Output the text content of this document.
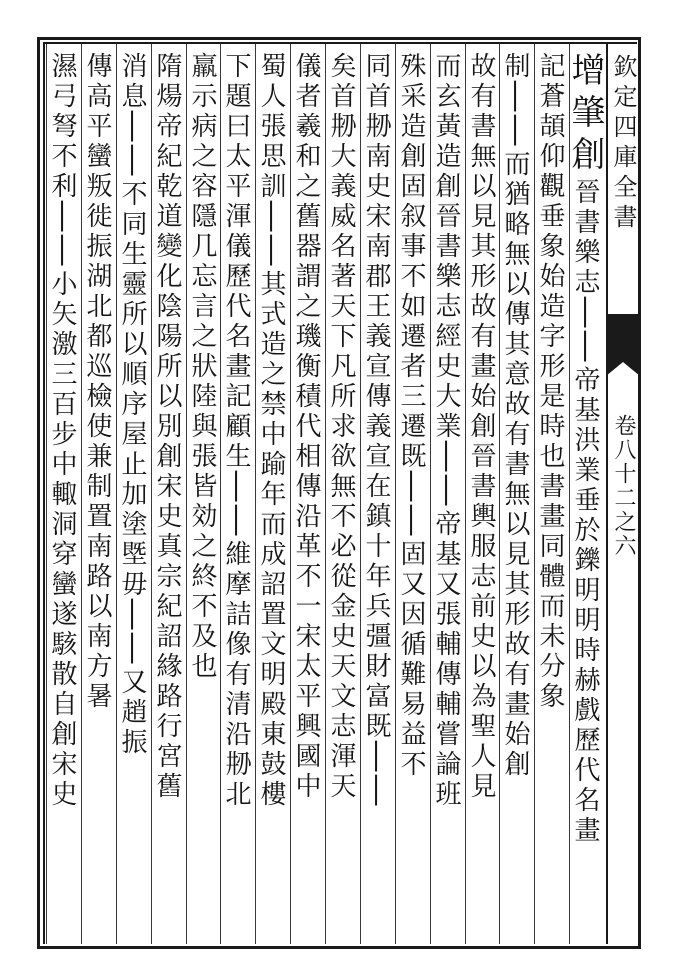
欽定四庫全書
卷八十二之六
增肇創晉書樂志││帝基洪業垂於鑠明明時赫戲歷代名畫
記蒼頡仰觀垂象始造字形是時也書畫同體而未分象
制││而猶略無以傳其意故有書無以見其形故有畫始創
故有書無以見其形故有畫始創晉書輿服志前史以為聖人見
而玄黃造創晉書樂志經史大業││帝基又張輔傳輔嘗論班
殊采造創固叙事不如遷者三遷既││固又因循難易益不
同首刱南史宋南郡王義宣傳義宣在鎮十年兵彊財富既││
矣首刱大義威名著天下凡所求欲無不必從金史天文志渾天
儀者羲和之舊器謂之璣衡積代相傳沿革不一宋太平興國中
蜀人張思訓││其式造之禁中踰年而成詔置文明殿東鼓樓
下題曰太平渾儀歷代名畫記顧生││維摩詰像有清沿刱北
羸示病之容隱几忘言之狀陸與張皆効之終不及也
隋煬帝紀乾道變化陰陽所以別創宋史真宗紀詔緣路行宮舊
消息││不同生靈所以順序屋止加塗塈毋││又趙振
傳高平蠻叛徙振湖北都巡檢使兼制置南路以南方暑
濕弓弩不利││小矢激三百步中輙洞穿蠻遂駭散自創宋史
